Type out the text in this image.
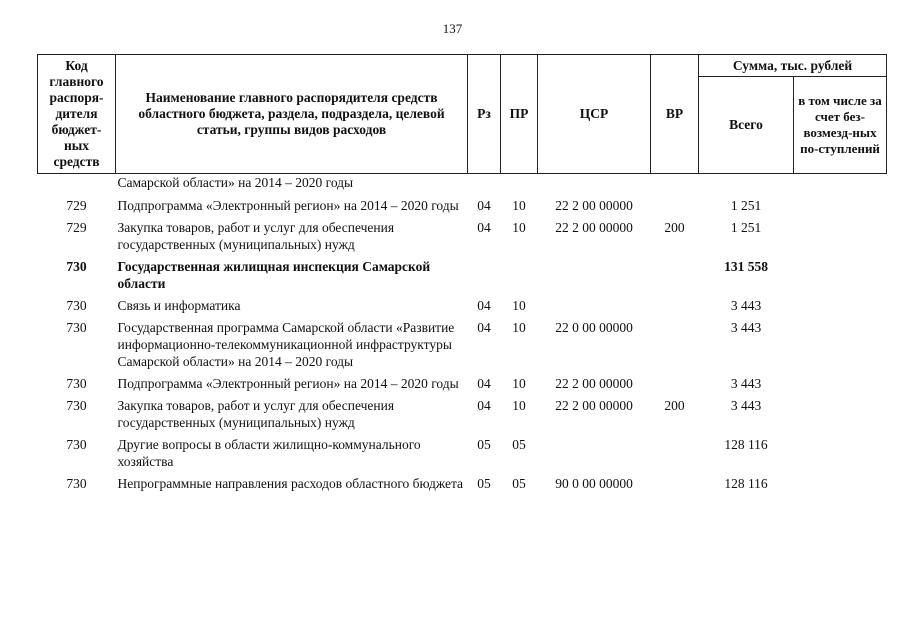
137
Код главного распоря-дителя бюджет-ных средств	Наименование главного распорядителя средств областного бюджета, раздела, подраздела, целевой статьи, группы видов расходов	Рз	ПР	ЦСР	ВР	Сумма, тыс. рублей	
						Всего	в том числе за счет без-возмезд-ных по-ступлений
	Самарской области» на 2014 – 2020 годы						
729	Подпрограмма «Электронный регион» на 2014 – 2020 годы	04	10	22 2 00 00000		1 251	
729	Закупка товаров, работ и услуг для обеспечения государственных (муниципальных) нужд	04	10	22 2 00 00000	200	1 251	
730	Государственная жилищная инспекция Самарской области					131 558	
730	Связь и информатика	04	10			3 443	
730	Государственная программа Самарской области «Развитие информационно-телекоммуникационной инфраструктуры Самарской области» на 2014 – 2020 годы	04	10	22 0 00 00000		3 443	
730	Подпрограмма «Электронный регион» на 2014 – 2020 годы	04	10	22 2 00 00000		3 443	
730	Закупка товаров, работ и услуг для обеспечения государственных (муниципальных) нужд	04	10	22 2 00 00000	200	3 443	
730	Другие вопросы в области жилищно-коммунального хозяйства	05	05			128 116	
730	Непрограммные направления расходов областного бюджета	05	05	90 0 00 00000		128 116	
